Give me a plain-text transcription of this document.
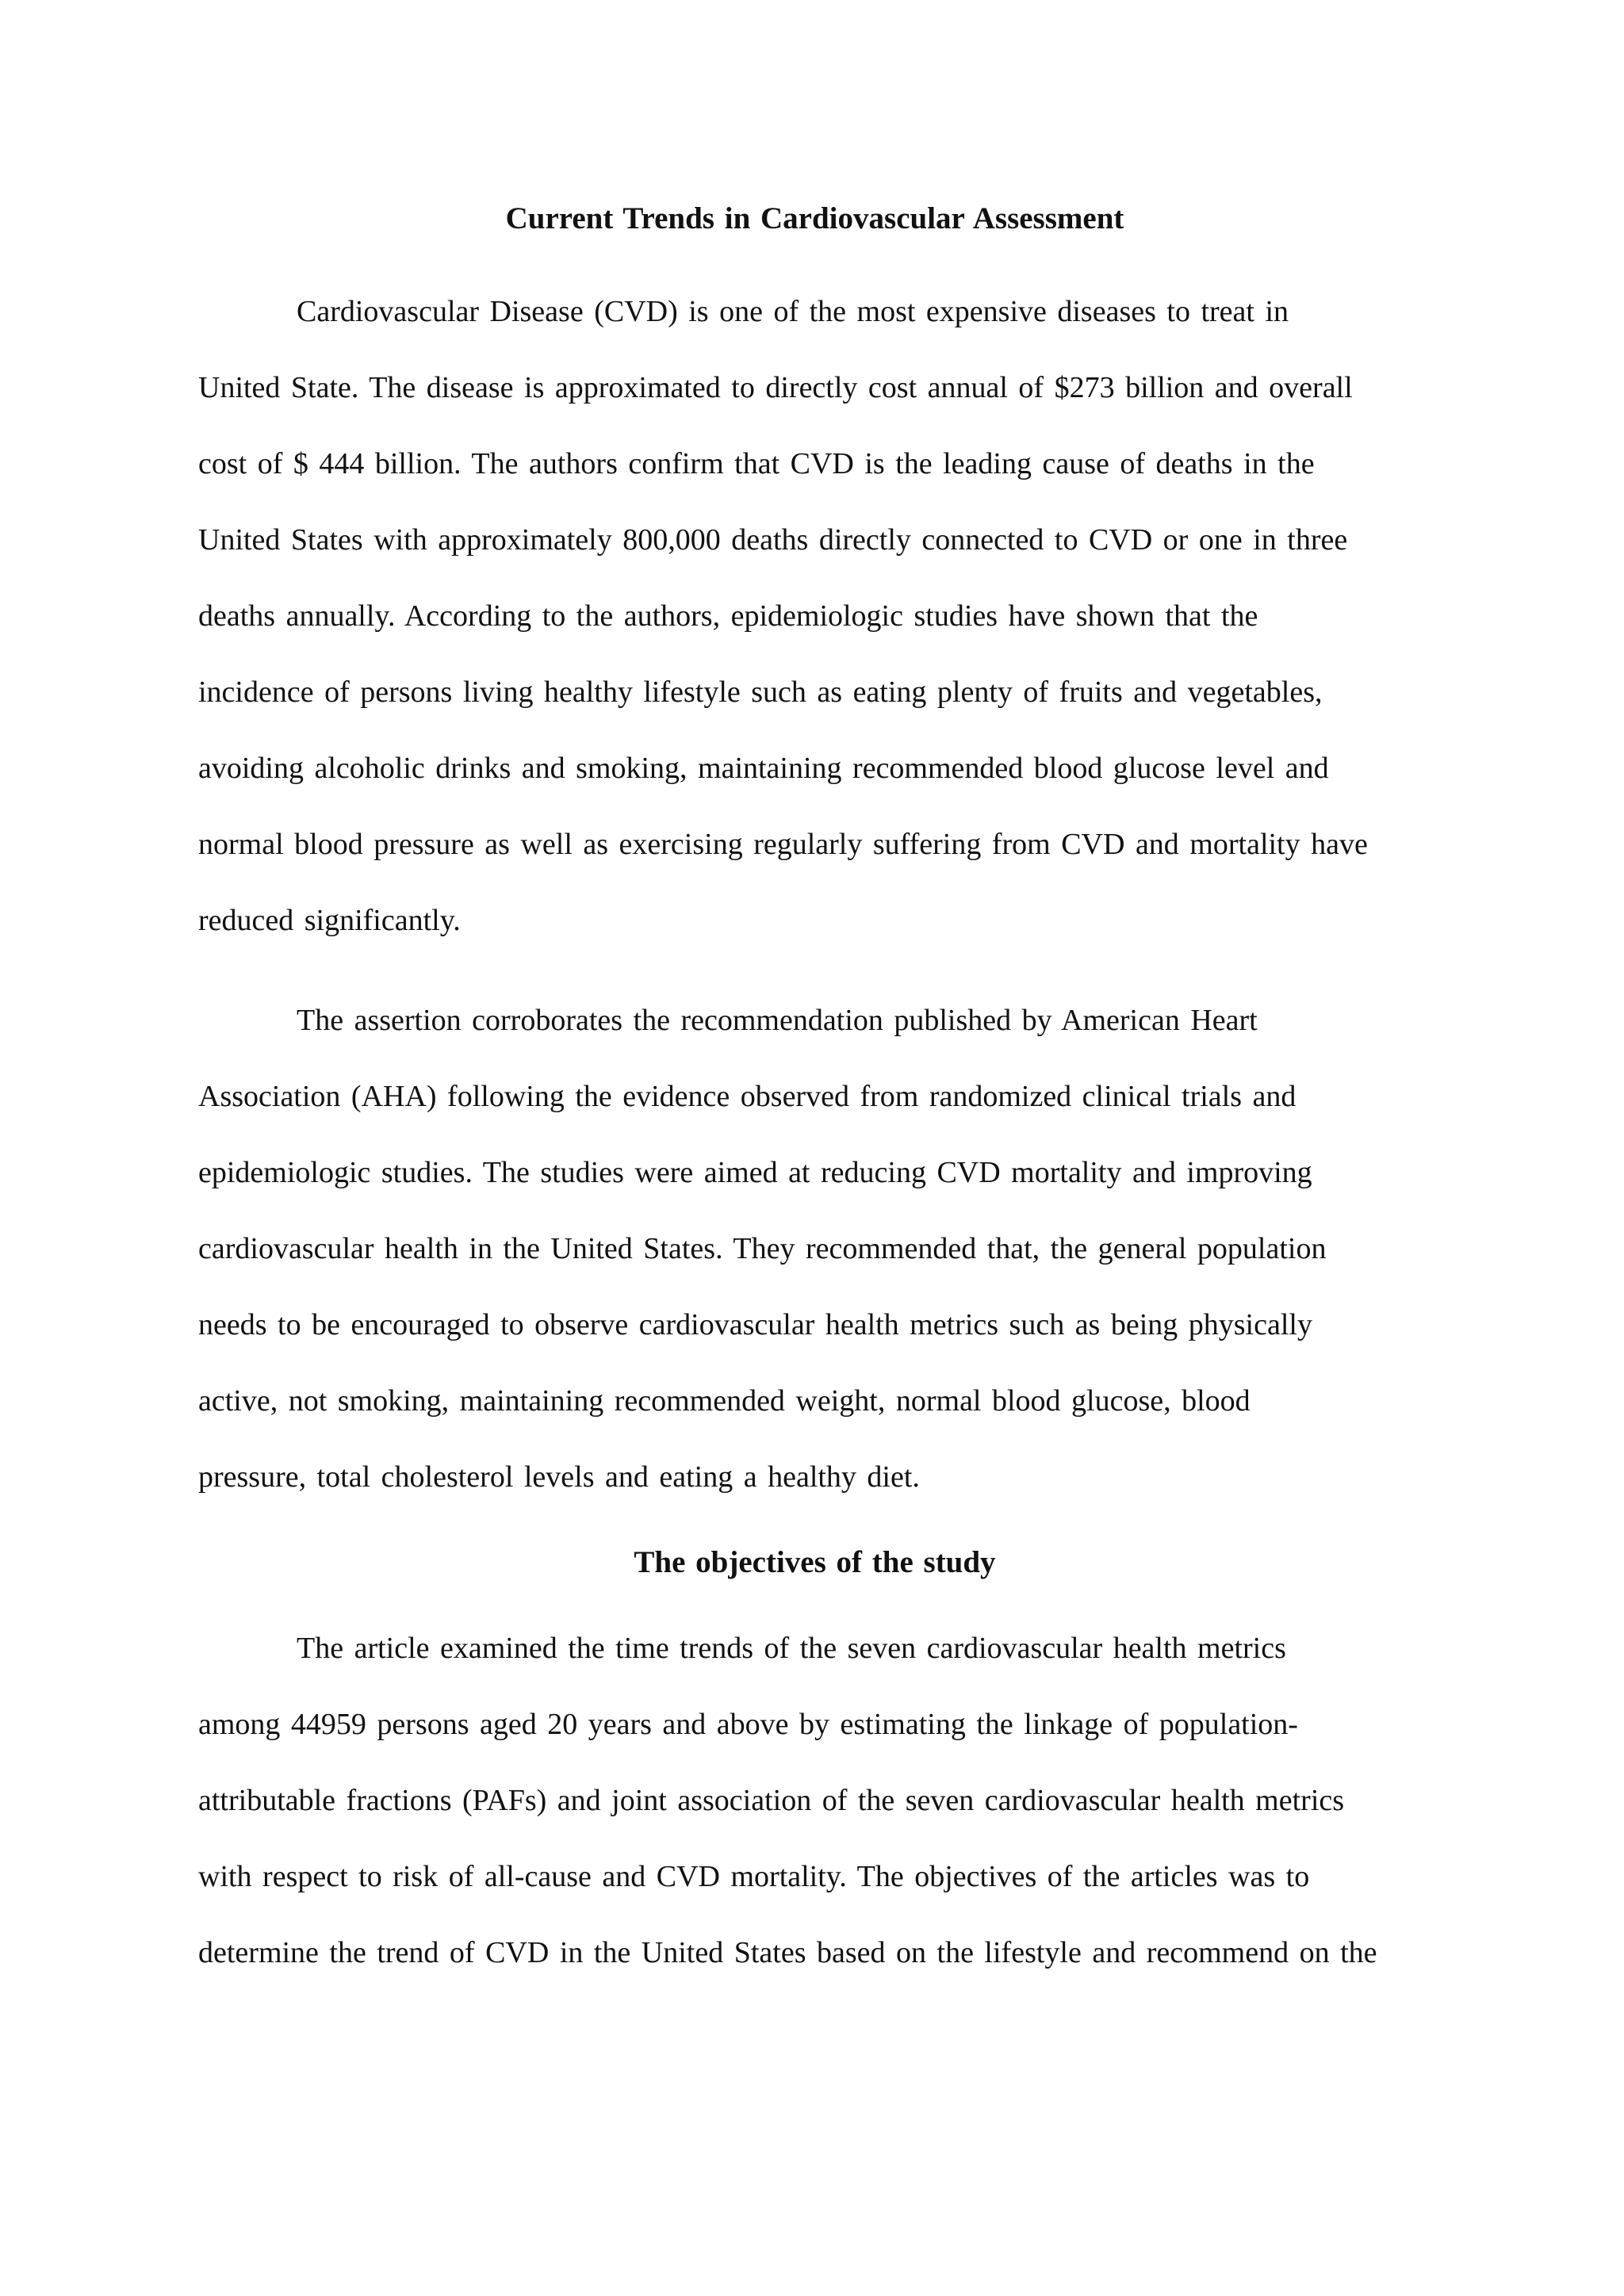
Current Trends in Cardiovascular Assessment

Cardiovascular Disease (CVD) is one of the most expensive diseases to treat in
United State. The disease is approximated to directly cost annual of $273 billion and overall
cost of $ 444 billion. The authors confirm that CVD is the leading cause of deaths in the
United States with approximately 800,000 deaths directly connected to CVD or one in three
deaths annually. According to the authors, epidemiologic studies have shown that the
incidence of persons living healthy lifestyle such as eating plenty of fruits and vegetables,
avoiding alcoholic drinks and smoking, maintaining recommended blood glucose level and
normal blood pressure as well as exercising regularly suffering from CVD and mortality have
reduced significantly.

The assertion corroborates the recommendation published by American Heart
Association (AHA) following the evidence observed from randomized clinical trials and
epidemiologic studies. The studies were aimed at reducing CVD mortality and improving
cardiovascular health in the United States. They recommended that, the general population
needs to be encouraged to observe cardiovascular health metrics such as being physically
active, not smoking, maintaining recommended weight, normal blood glucose, blood
pressure, total cholesterol levels and eating a healthy diet.

The objectives of the study

The article examined the time trends of the seven cardiovascular health metrics
among 44959 persons aged 20 years and above by estimating the linkage of population-
attributable fractions (PAFs) and joint association of the seven cardiovascular health metrics
with respect to risk of all-cause and CVD mortality. The objectives of the articles was to
determine the trend of CVD in the United States based on the lifestyle and recommend on the
